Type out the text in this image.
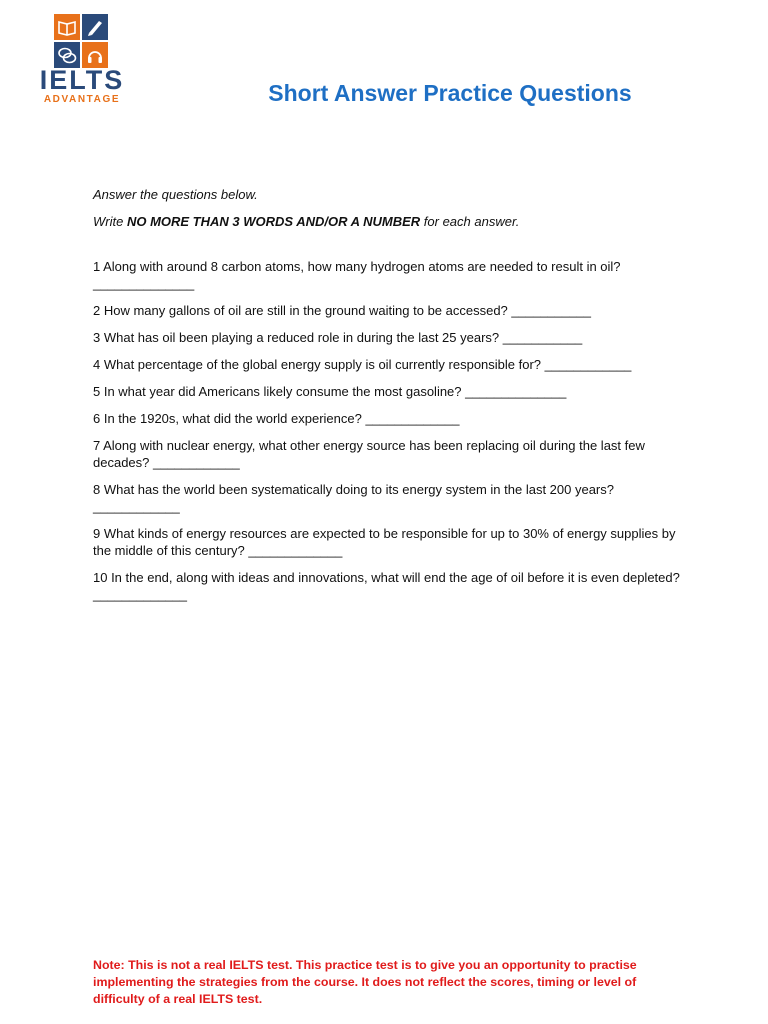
IELTS
ADVANTAGE	Short Answer Practice Questions

Answer the questions below.

Write NO MORE THAN 3 WORDS AND/OR A NUMBER for each answer.

1 Along with around 8 carbon atoms, how many hydrogen atoms are needed to result in oil? ______________

2 How many gallons of oil are still in the ground waiting to be accessed? ___________

3 What has oil been playing a reduced role in during the last 25 years? ___________

4 What percentage of the global energy supply is oil currently responsible for? ____________

5 In what year did Americans likely consume the most gasoline? ______________

6 In the 1920s, what did the world experience? _____________

7 Along with nuclear energy, what other energy source has been replacing oil during the last few decades? ____________

8 What has the world been systematically doing to its energy system in the last 200 years? ____________

9 What kinds of energy resources are expected to be responsible for up to 30% of energy supplies by the middle of this century? _____________

10 In the end, along with ideas and innovations, what will end the age of oil before it is even depleted? _____________

Note: This is not a real IELTS test. This practice test is to give you an opportunity to practise implementing the strategies from the course. It does not reflect the scores, timing or level of difficulty of a real IELTS test.
